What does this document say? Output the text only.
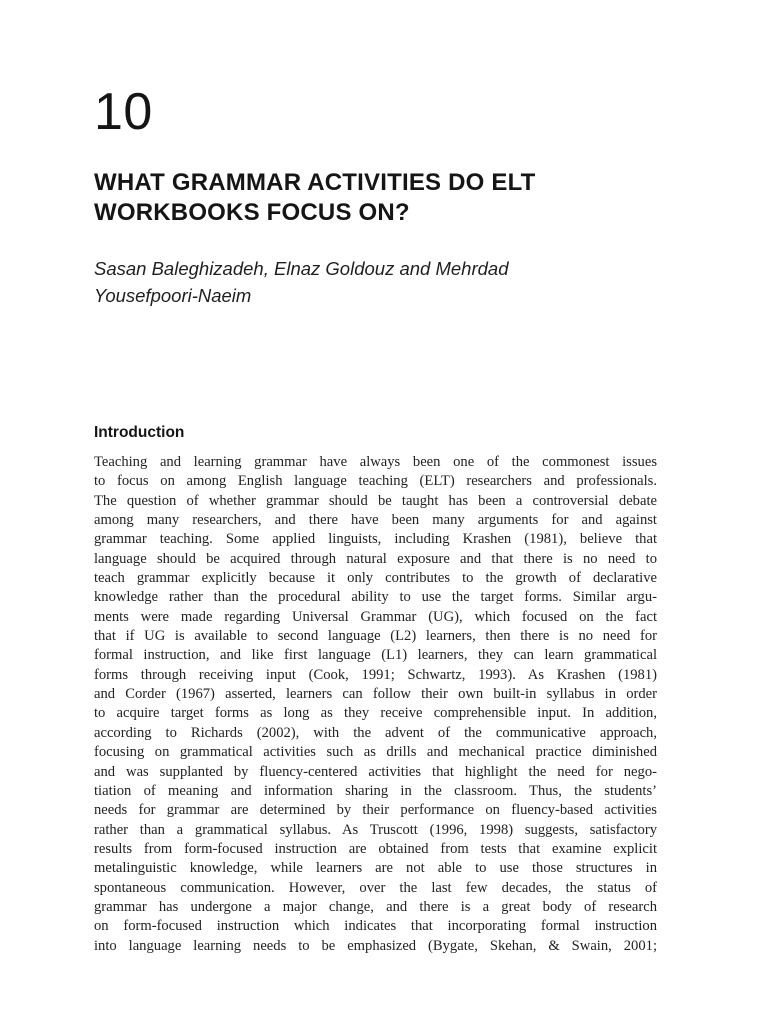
10
WHAT GRAMMAR ACTIVITIES DO ELT
WORKBOOKS FOCUS ON?
Sasan Baleghizadeh, Elnaz Goldouz and Mehrdad
Yousefpoori-Naeim
Introduction
Teaching and learning grammar have always been one of the commonest issues
to focus on among English language teaching (ELT) researchers and professionals.
The question of whether grammar should be taught has been a controversial debate
among many researchers, and there have been many arguments for and against
grammar teaching. Some applied linguists, including Krashen (1981), believe that
language should be acquired through natural exposure and that there is no need to
teach grammar explicitly because it only contributes to the growth of declarative
knowledge rather than the procedural ability to use the target forms. Similar argu-
ments were made regarding Universal Grammar (UG), which focused on the fact
that if UG is available to second language (L2) learners, then there is no need for
formal instruction, and like first language (L1) learners, they can learn grammatical
forms through receiving input (Cook, 1991; Schwartz, 1993). As Krashen (1981)
and Corder (1967) asserted, learners can follow their own built-in syllabus in order
to acquire target forms as long as they receive comprehensible input. In addition,
according to Richards (2002), with the advent of the communicative approach,
focusing on grammatical activities such as drills and mechanical practice diminished
and was supplanted by fluency-centered activities that highlight the need for nego-
tiation of meaning and information sharing in the classroom. Thus, the students’
needs for grammar are determined by their performance on fluency-based activities
rather than a grammatical syllabus. As Truscott (1996, 1998) suggests, satisfactory
results from form-focused instruction are obtained from tests that examine explicit
metalinguistic knowledge, while learners are not able to use those structures in
spontaneous communication. However, over the last few decades, the status of
grammar has undergone a major change, and there is a great body of research
on form-focused instruction which indicates that incorporating formal instruction
into language learning needs to be emphasized (Bygate, Skehan, & Swain, 2001;
